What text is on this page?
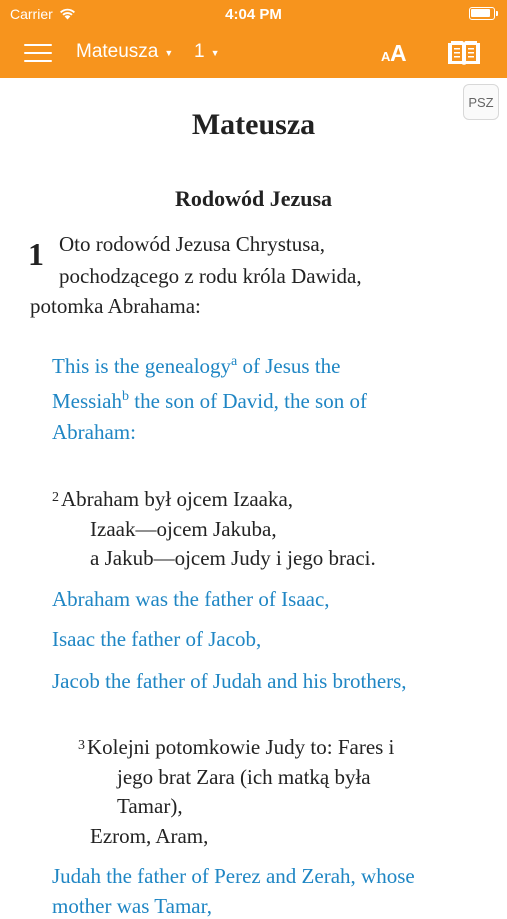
Carrier	4:04 PM
Mateusza ▼ 1 ▼	A A
PSZ
Mateusza
Rodowód Jezusa
1 Oto rodowód Jezusa Chrystusa,
pochodzącego z rodu króla Dawida,
potomka Abrahama:
This is the genealogy$^a$ of Jesus the
Messiah$^b$ the son of David, the son of
Abraham:
$^2$Abraham był ojcem Izaaka,
Izaak—ojcem Jakuba,
a Jakub—ojcem Judy i jego braci.
Abraham was the father of Isaac,
Isaac the father of Jacob,
Jacob the father of Judah and his brothers,
$^3$Kolejni potomkowie Judy to: Fares i
jego brat Zara (ich matką była
Tamar),
Ezrom, Aram,
Judah the father of Perez and Zerah, whose
mother was Tamar,
